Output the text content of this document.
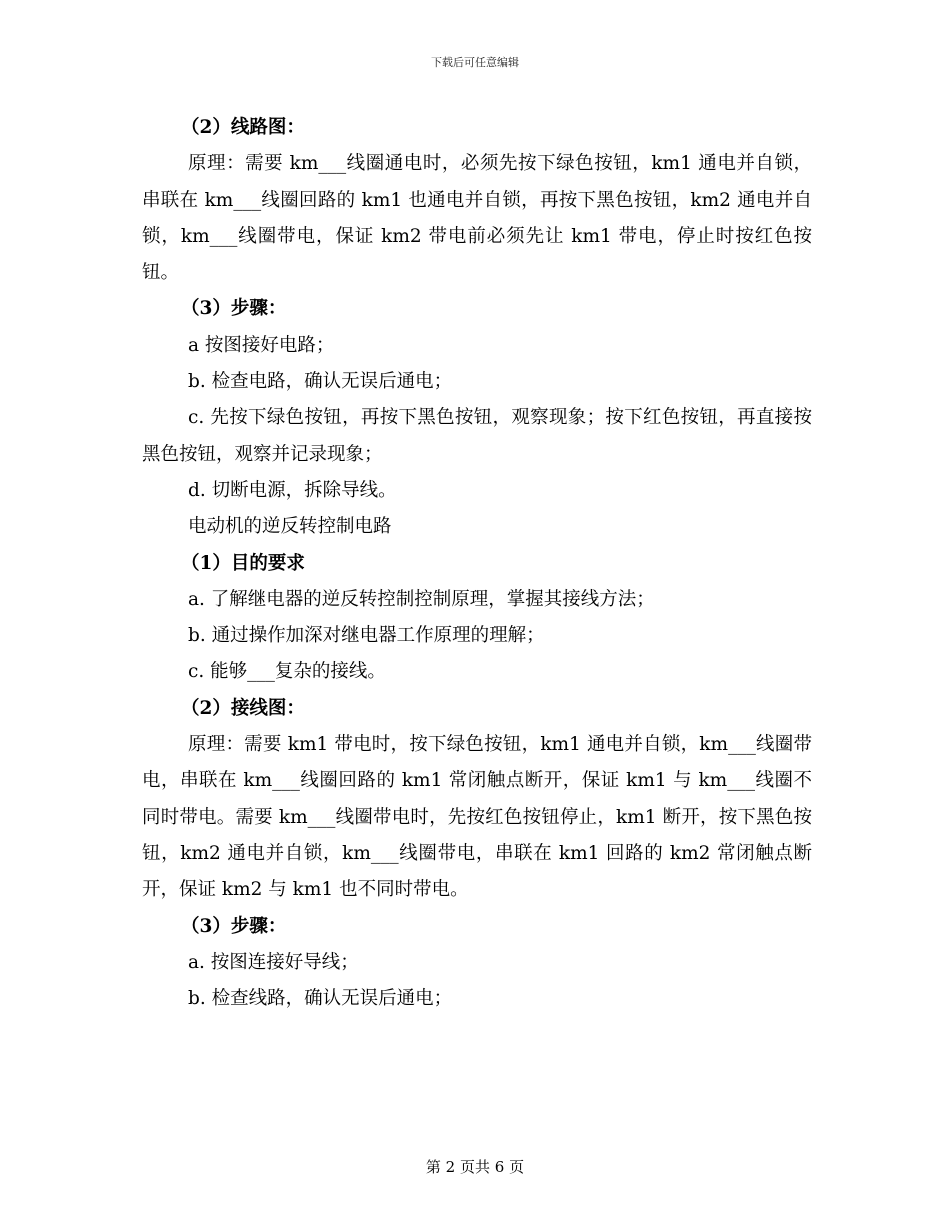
下载后可任意编辑

（2）线路图：

原理：需要 km___线圈通电时，必须先按下绿色按钮，km1 通电并自锁，串联在 km___线圈回路的 km1 也通电并自锁，再按下黑色按钮，km2 通电并自锁，km___线圈带电，保证 km2 带电前必须先让 km1 带电，停止时按红色按钮。

（3）步骤：

a 按图接好电路；

b. 检查电路，确认无误后通电；

c. 先按下绿色按钮，再按下黑色按钮，观察现象；按下红色按钮，再直接按黑色按钮，观察并记录现象；

d. 切断电源，拆除导线。

电动机的逆反转控制电路

（1）目的要求

a. 了解继电器的逆反转控制控制原理，掌握其接线方法；

b. 通过操作加深对继电器工作原理的理解；

c. 能够___复杂的接线。

（2）接线图：

原理：需要 km1 带电时，按下绿色按钮，km1 通电并自锁，km___线圈带电，串联在 km___线圈回路的 km1 常闭触点断开，保证 km1 与 km___线圈不同时带电。需要 km___线圈带电时，先按红色按钮停止，km1 断开，按下黑色按钮，km2 通电并自锁，km___线圈带电，串联在 km1 回路的 km2 常闭触点断开，保证 km2 与 km1 也不同时带电。

（3）步骤：

a. 按图连接好导线；

b. 检查线路，确认无误后通电；

第 2 页共 6 页
